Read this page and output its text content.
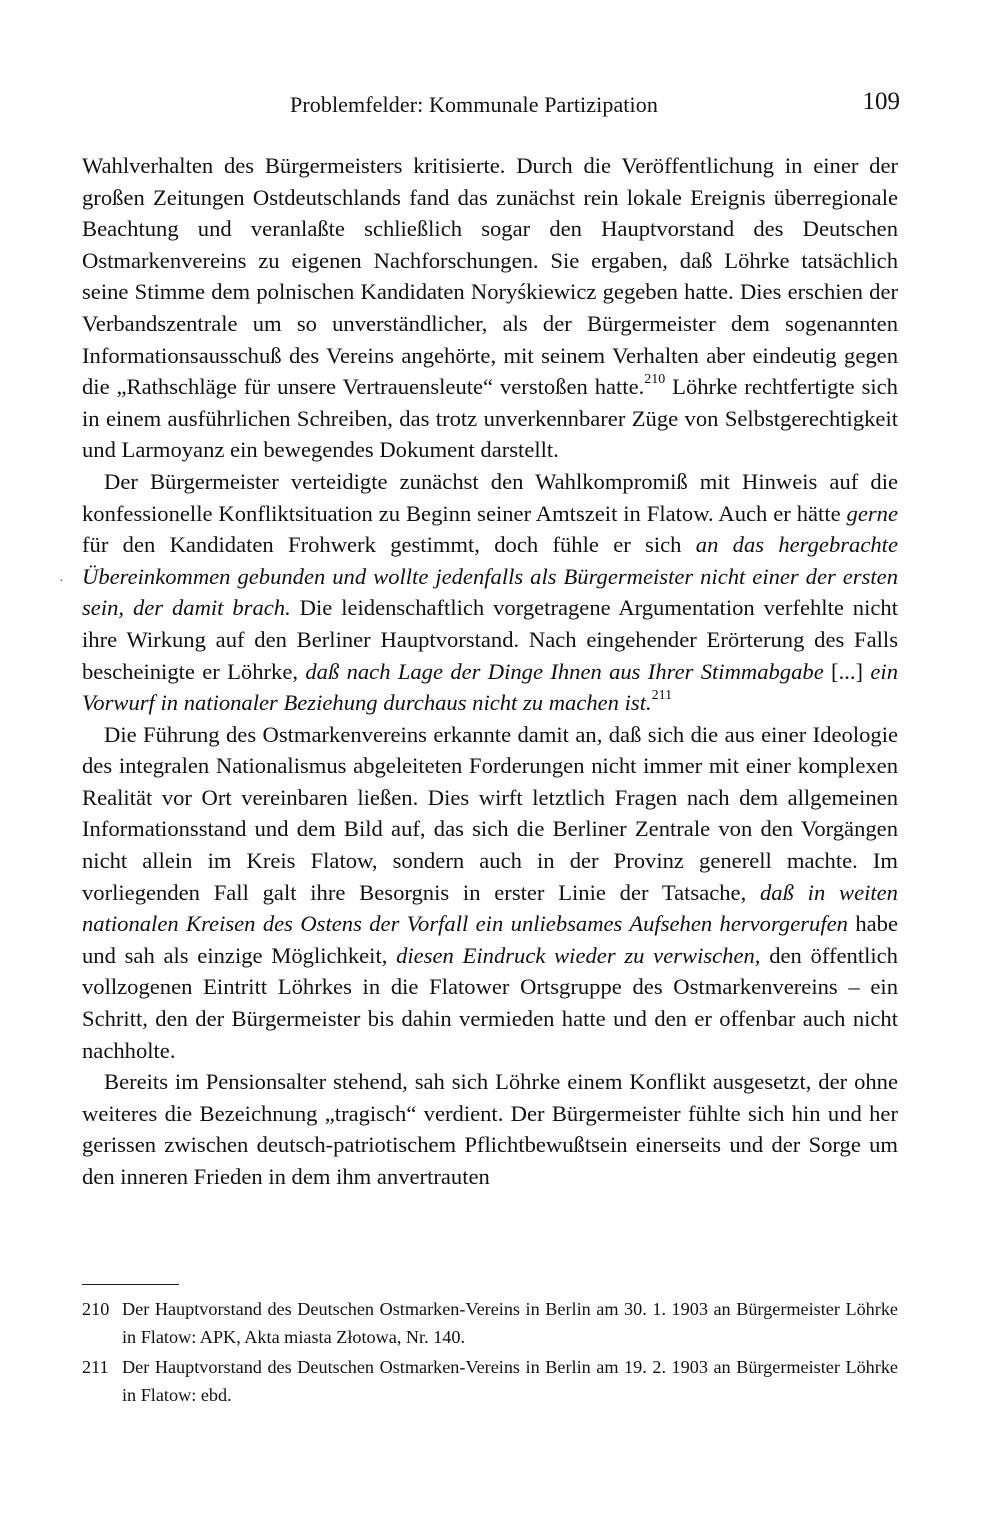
Problemfelder: Kommunale Partizipation	109
·

Wahlverhalten des Bürgermeisters kritisierte. Durch die Veröffentlichung in einer der großen Zeitungen Ostdeutschlands fand das zunächst rein lokale Ereignis überregionale Beachtung und veranlaßte schließlich sogar den Hauptvorstand des Deutschen Ostmarkenvereins zu eigenen Nachforschungen. Sie ergaben, daß Löhrke tatsächlich seine Stimme dem polnischen Kandidaten Noryśkiewicz gegeben hatte. Dies erschien der Verbandszentrale um so unverständlicher, als der Bürgermeister dem sogenannten Informationsausschuß des Vereins angehörte, mit seinem Verhalten aber eindeutig gegen die „Rathschläge für unsere Vertrauensleute“ verstoßen hatte.$^{210}$ Löhrke rechtfertigte sich in einem ausführlichen Schreiben, das trotz unverkennbarer Züge von Selbstgerechtigkeit und Larmoyanz ein bewegendes Dokument darstellt.

Der Bürgermeister verteidigte zunächst den Wahlkompromiß mit Hinweis auf die konfessionelle Konfliktsituation zu Beginn seiner Amtszeit in Flatow. Auch er hätte gerne für den Kandidaten Frohwerk gestimmt, doch fühle er sich an das hergebrachte Übereinkommen gebunden und wollte jedenfalls als Bürgermeister nicht einer der ersten sein, der damit brach. Die leidenschaftlich vorgetragene Argumentation verfehlte nicht ihre Wirkung auf den Berliner Hauptvorstand. Nach eingehender Erörterung des Falls bescheinigte er Löhrke, daß nach Lage der Dinge Ihnen aus Ihrer Stimmabgabe [...] ein Vorwurf in nationaler Beziehung durchaus nicht zu machen ist.$^{211}$

Die Führung des Ostmarkenvereins erkannte damit an, daß sich die aus einer Ideologie des integralen Nationalismus abgeleiteten Forderungen nicht immer mit einer komplexen Realität vor Ort vereinbaren ließen. Dies wirft letztlich Fragen nach dem allgemeinen Informationsstand und dem Bild auf, das sich die Berliner Zentrale von den Vorgängen nicht allein im Kreis Flatow, sondern auch in der Provinz generell machte. Im vorliegenden Fall galt ihre Besorgnis in erster Linie der Tatsache, daß in weiten nationalen Kreisen des Ostens der Vorfall ein unliebsames Aufsehen hervorgerufen habe und sah als einzige Möglichkeit, diesen Eindruck wieder zu verwischen, den öffentlich vollzogenen Eintritt Löhrkes in die Flatower Ortsgruppe des Ostmarkenvereins – ein Schritt, den der Bürgermeister bis dahin vermieden hatte und den er offenbar auch nicht nachholte.

Bereits im Pensionsalter stehend, sah sich Löhrke einem Konflikt ausgesetzt, der ohne weiteres die Bezeichnung „tragisch“ verdient. Der Bürgermeister fühlte sich hin und her gerissen zwischen deutsch-patriotischem Pflichtbewußtsein einerseits und der Sorge um den inneren Frieden in dem ihm anvertrauten

210 Der Hauptvorstand des Deutschen Ostmarken-Vereins in Berlin am 30. 1. 1903 an Bürgermeister Löhrke in Flatow: APK, Akta miasta Złotowa, Nr. 140.
211 Der Hauptvorstand des Deutschen Ostmarken-Vereins in Berlin am 19. 2. 1903 an Bürgermeister Löhrke in Flatow: ebd.
